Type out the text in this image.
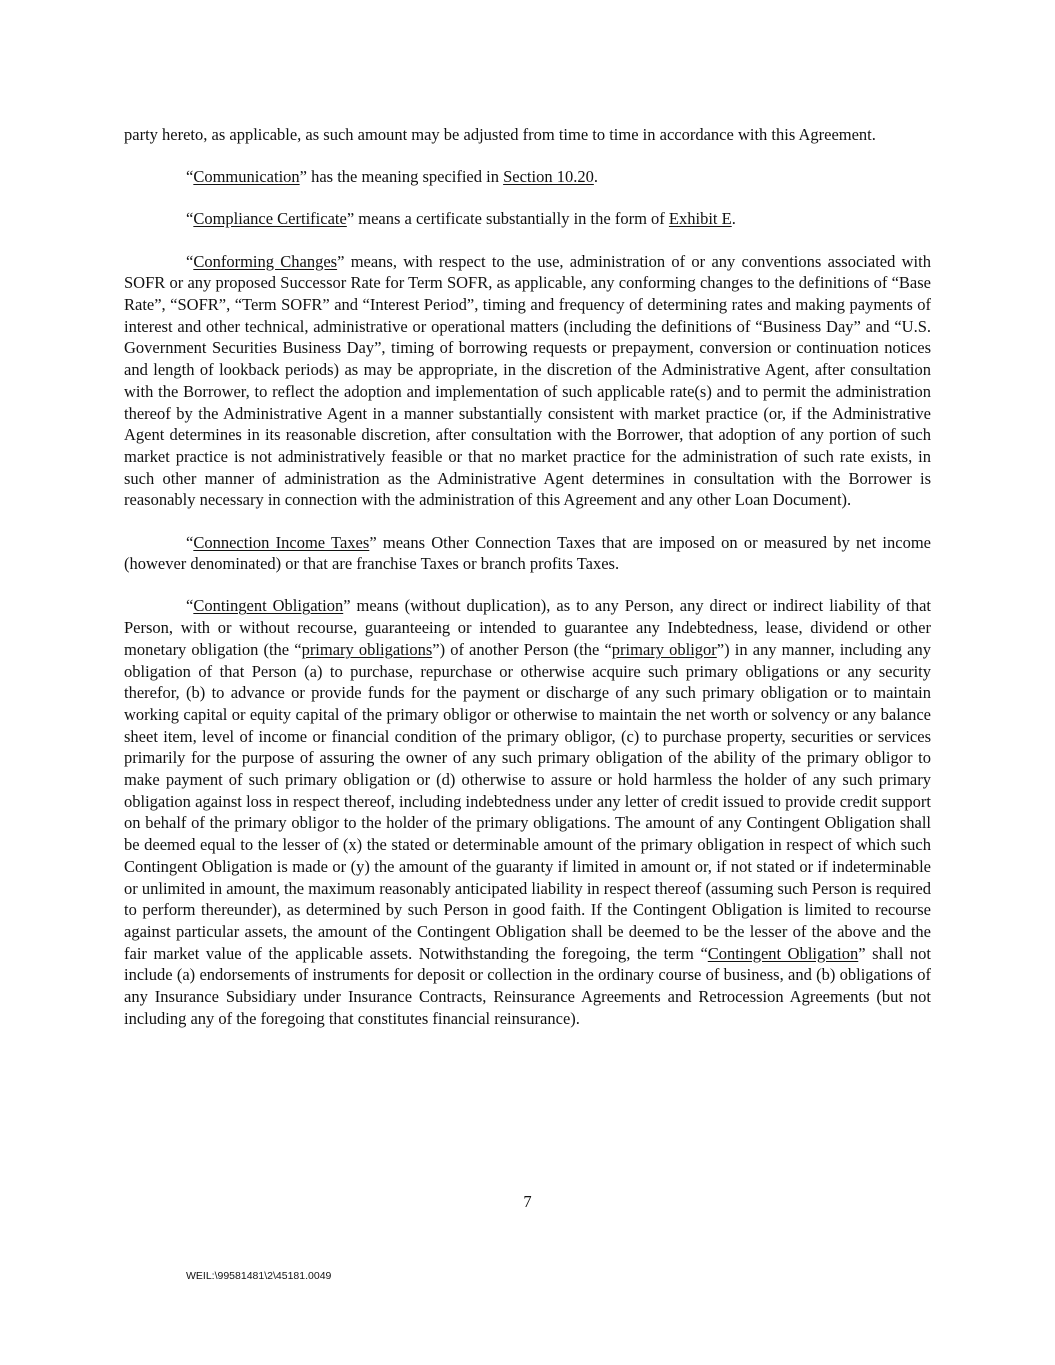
party hereto, as applicable, as such amount may be adjusted from time to time in accordance with this Agreement.

“Communication” has the meaning specified in Section 10.20.

“Compliance Certificate” means a certificate substantially in the form of Exhibit E.

“Conforming Changes” means, with respect to the use, administration of or any conventions associated with SOFR or any proposed Successor Rate for Term SOFR, as applicable, any conforming changes to the definitions of “Base Rate”, “SOFR”, “Term SOFR” and “Interest Period”, timing and frequency of determining rates and making payments of interest and other technical, administrative or operational matters (including the definitions of “Business Day” and “U.S. Government Securities Business Day”, timing of borrowing requests or prepayment, conversion or continuation notices and length of lookback periods) as may be appropriate, in the discretion of the Administrative Agent, after consultation with the Borrower, to reflect the adoption and implementation of such applicable rate(s) and to permit the administration thereof by the Administrative Agent in a manner substantially consistent with market practice (or, if the Administrative Agent determines in its reasonable discretion, after consultation with the Borrower, that adoption of any portion of such market practice is not administratively feasible or that no market practice for the administration of such rate exists, in such other manner of administration as the Administrative Agent determines in consultation with the Borrower is reasonably necessary in connection with the administration of this Agreement and any other Loan Document).

“Connection Income Taxes” means Other Connection Taxes that are imposed on or measured by net income (however denominated) or that are franchise Taxes or branch profits Taxes.

“Contingent Obligation” means (without duplication), as to any Person, any direct or indirect liability of that Person, with or without recourse, guaranteeing or intended to guarantee any Indebtedness, lease, dividend or other monetary obligation (the “primary obligations”) of another Person (the “primary obligor”) in any manner, including any obligation of that Person (a) to purchase, repurchase or otherwise acquire such primary obligations or any security therefor, (b) to advance or provide funds for the payment or discharge of any such primary obligation or to maintain working capital or equity capital of the primary obligor or otherwise to maintain the net worth or solvency or any balance sheet item, level of income or financial condition of the primary obligor, (c) to purchase property, securities or services primarily for the purpose of assuring the owner of any such primary obligation of the ability of the primary obligor to make payment of such primary obligation or (d) otherwise to assure or hold harmless the holder of any such primary obligation against loss in respect thereof, including indebtedness under any letter of credit issued to provide credit support on behalf of the primary obligor to the holder of the primary obligations. The amount of any Contingent Obligation shall be deemed equal to the lesser of (x) the stated or determinable amount of the primary obligation in respect of which such Contingent Obligation is made or (y) the amount of the guaranty if limited in amount or, if not stated or if indeterminable or unlimited in amount, the maximum reasonably anticipated liability in respect thereof (assuming such Person is required to perform thereunder), as determined by such Person in good faith. If the Contingent Obligation is limited to recourse against particular assets, the amount of the Contingent Obligation shall be deemed to be the lesser of the above and the fair market value of the applicable assets. Notwithstanding the foregoing, the term “Contingent Obligation” shall not include (a) endorsements of instruments for deposit or collection in the ordinary course of business, and (b) obligations of any Insurance Subsidiary under Insurance Contracts, Reinsurance Agreements and Retrocession Agreements (but not including any of the foregoing that constitutes financial reinsurance).

7
WEIL:\99581481\2\45181.0049
